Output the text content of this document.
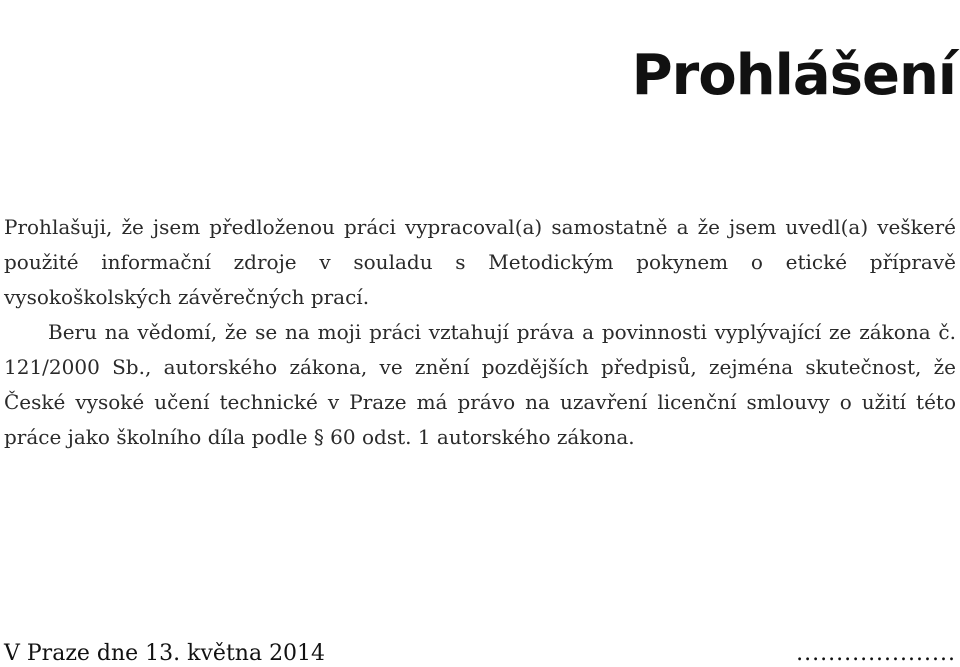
Prohlášení

Prohlašuji, že jsem předloženou práci vypracoval(a) samostatně a že jsem uvedl(a) veškeré použité informační zdroje v souladu s Metodickým pokynem o etické přípravě vysokoškolských závěrečných prací.

Beru na vědomí, že se na moji práci vztahují práva a povinnosti vyplývající ze zákona č. 121/2000 Sb., autorského zákona, ve znění pozdějších předpisů, zejména skutečnost, že České vysoké učení technické v Praze má právo na uzavření licenční smlouvy o užití této práce jako školního díla podle § 60 odst. 1 autorského zákona.

V Praze dne 13. května 2014	....................
